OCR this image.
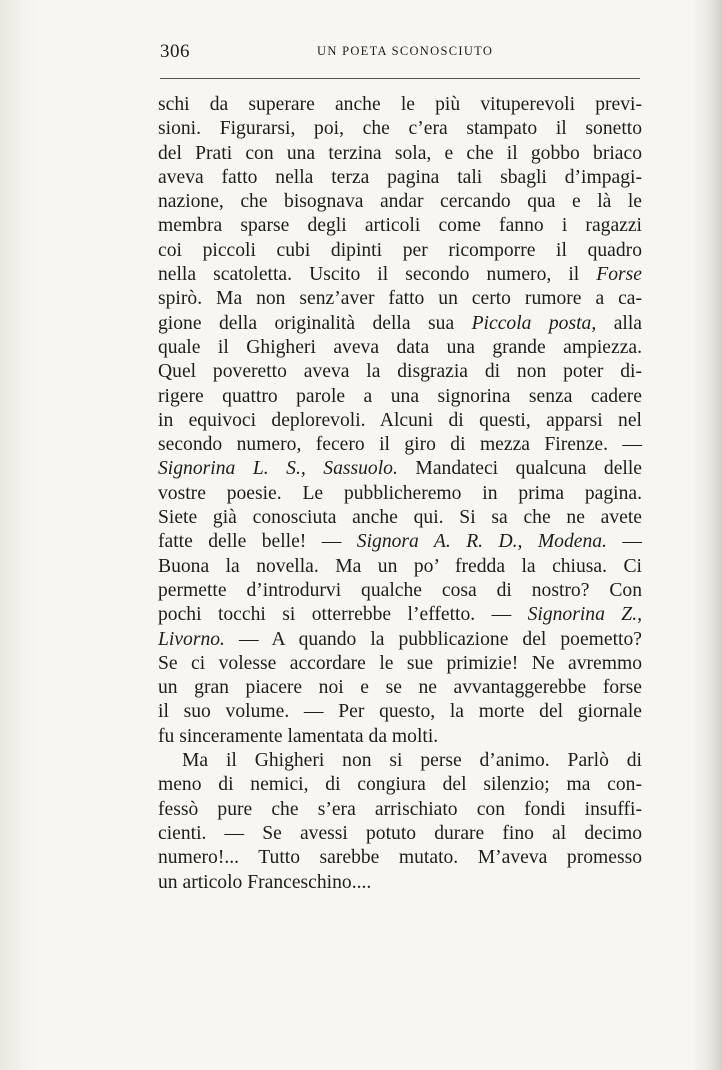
306	UN POETA SCONOSCIUTO
schi da superare anche le più vituperevoli previ-
sioni. Figurarsi, poi, che c’era stampato il sonetto
del Prati con una terzina sola, e che il gobbo briaco
aveva fatto nella terza pagina tali sbagli d’impagi-
nazione, che bisognava andar cercando qua e là le
membra sparse degli articoli come fanno i ragazzi
coi piccoli cubi dipinti per ricomporre il quadro
nella scatoletta. Uscito il secondo numero, il Forse
spirò. Ma non senz’aver fatto un certo rumore a ca-
gione della originalità della sua Piccola posta, alla
quale il Ghigheri aveva data una grande ampiezza.
Quel poveretto aveva la disgrazia di non poter di-
rigere quattro parole a una signorina senza cadere
in equivoci deplorevoli. Alcuni di questi, apparsi nel
secondo numero, fecero il giro di mezza Firenze. —
Signorina L. S., Sassuolo. Mandateci qualcuna delle
vostre poesie. Le pubblicheremo in prima pagina.
Siete già conosciuta anche qui. Si sa che ne avete
fatte delle belle! — Signora A. R. D., Modena. —
Buona la novella. Ma un po’ fredda la chiusa. Ci
permette d’introdurvi qualche cosa di nostro? Con
pochi tocchi si otterrebbe l’effetto. — Signorina Z.,
Livorno. — A quando la pubblicazione del poemetto?
Se ci volesse accordare le sue primizie! Ne avremmo
un gran piacere noi e se ne avvantaggerebbe forse
il suo volume. — Per questo, la morte del giornale
fu sinceramente lamentata da molti.
Ma il Ghigheri non si perse d’animo. Parlò di
meno di nemici, di congiura del silenzio; ma con-
fessò pure che s’era arrischiato con fondi insuffi-
cienti. — Se avessi potuto durare fino al decimo
numero!... Tutto sarebbe mutato. M’aveva promesso
un articolo Franceschino....
